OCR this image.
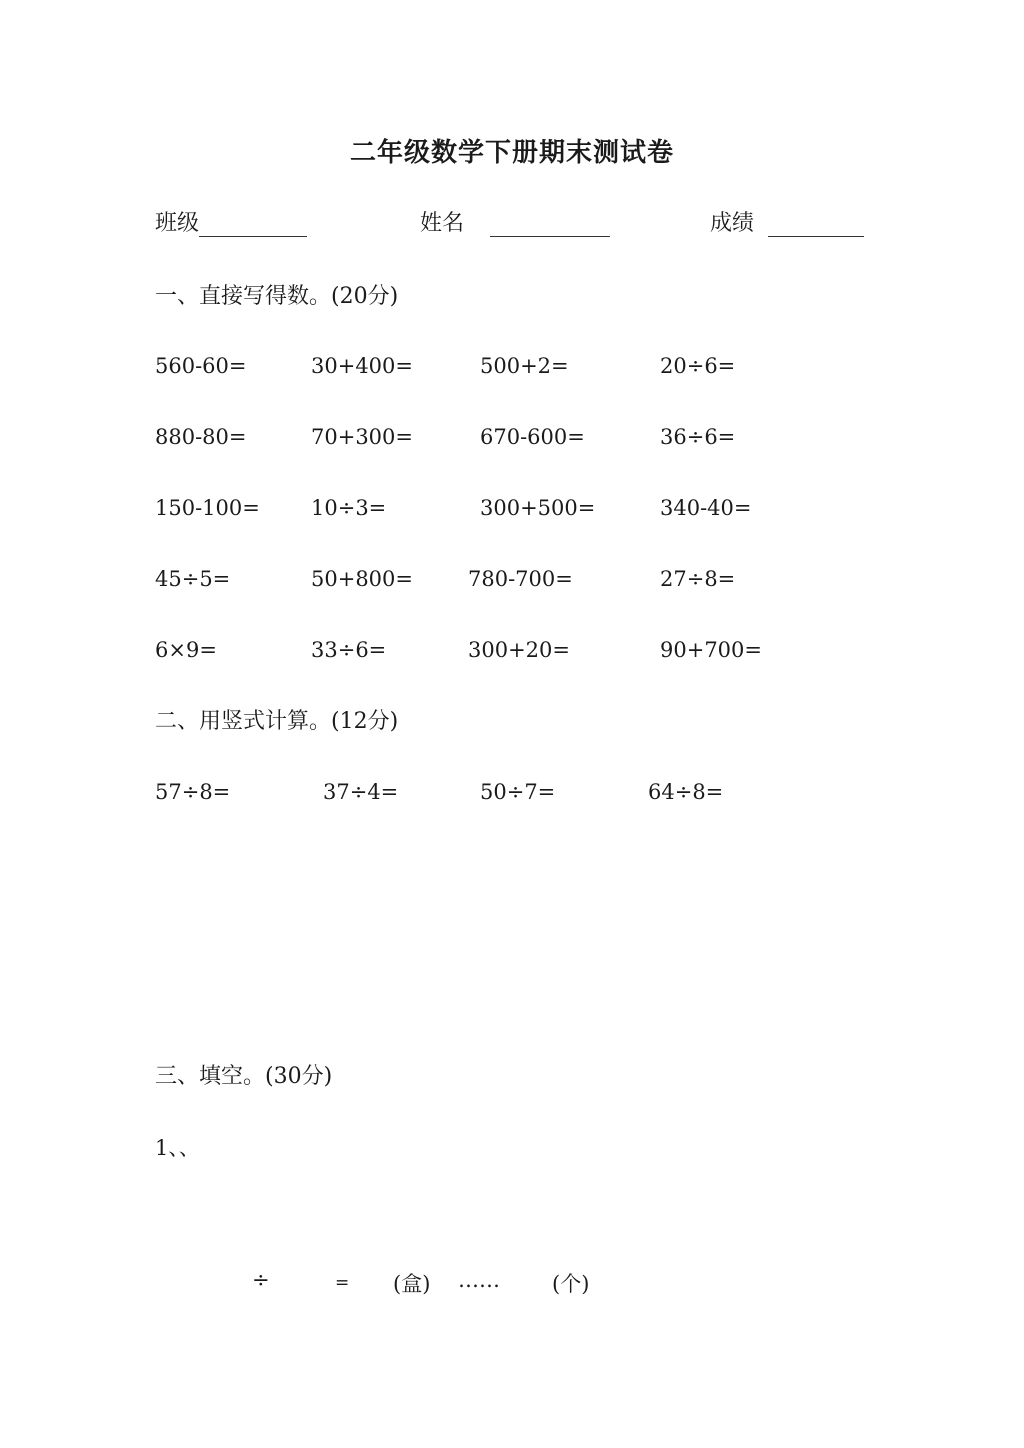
二年级数学下册期末测试卷
班级	姓名	成绩
一、直接写得数。(20分)
560-60=	30+400=	500+2=	20÷6=
880-80=	70+300=	670-600=	36÷6=
150-100= 10÷3=	300+500=	340-40=
45÷5=	50+800=	780-700=	27÷8=
6×9=	33÷6=	300+20=	90+700=
二、用竖式计算。(12分)
57÷8=	37÷4=	50÷7=	64÷8=
三、填空。(30分)
1、、
÷	= (盒) …… (个)
